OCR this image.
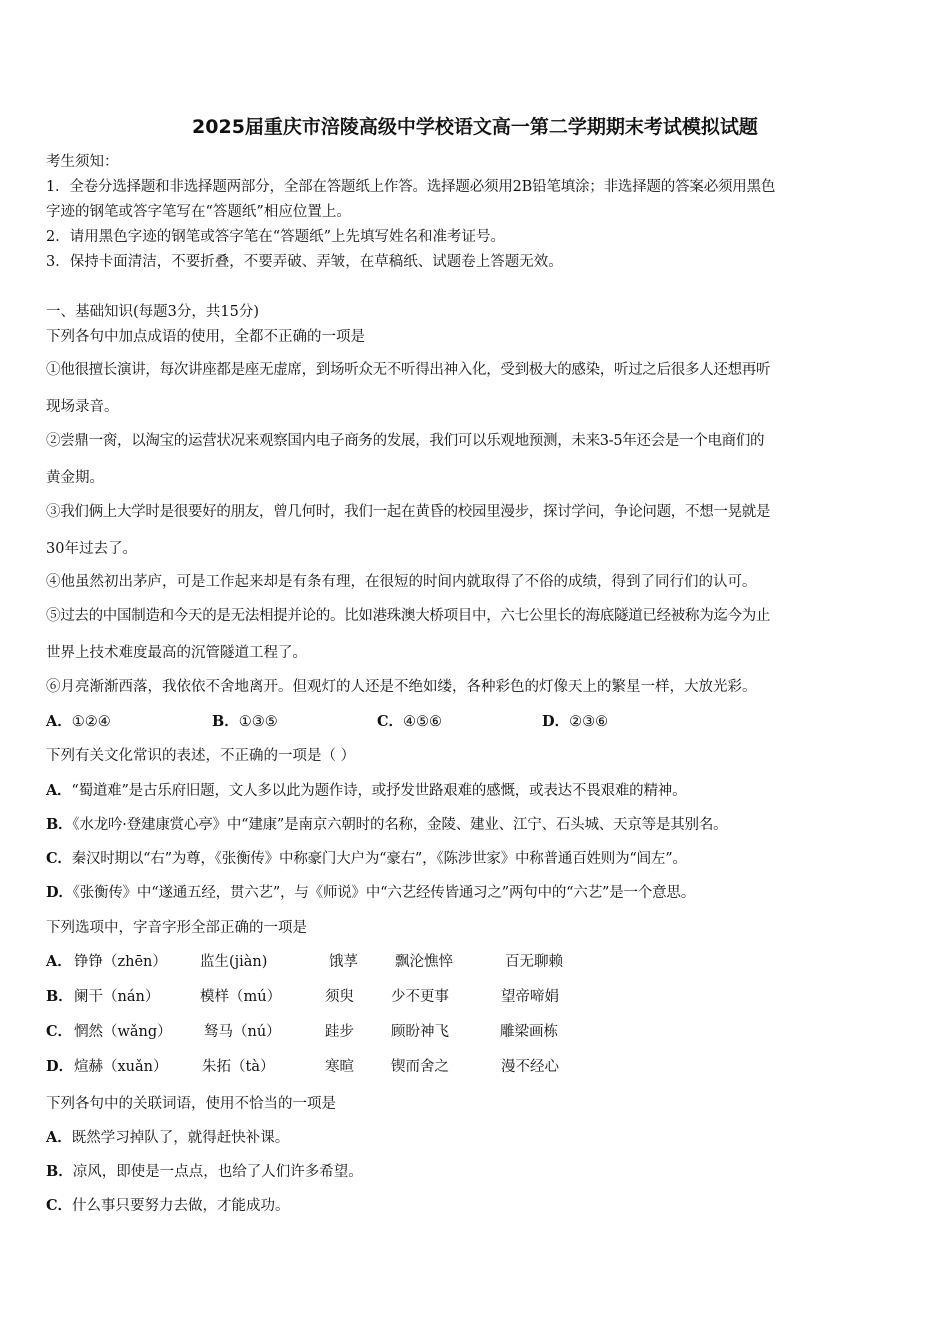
2025届重庆市涪陵高级中学校语文高一第二学期期末考试模拟试题
考生须知：
1．全卷分选择题和非选择题两部分，全部在答题纸上作答。选择题必须用2B铅笔填涂；非选择题的答案必须用黑色
字迹的钢笔或答字笔写在“答题纸”相应位置上。
2．请用黑色字迹的钢笔或答字笔在“答题纸”上先填写姓名和准考证号。
3．保持卡面清洁，不要折叠，不要弄破、弄皱，在草稿纸、试题卷上答题无效。
一、基础知识(每题3分，共15分)
下列各句中加点成语的使用，全都不正确的一项是
①他很擅长演讲，每次讲座都是座无虚席，到场听众无不听得出神入化，受到极大的感染，听过之后很多人还想再听
现场录音。
②尝鼎一脔，以淘宝的运营状况来观察国内电子商务的发展，我们可以乐观地预测，未来3-5年还会是一个电商们的
黄金期。
③我们俩上大学时是很要好的朋友，曾几何时，我们一起在黄昏的校园里漫步，探讨学问，争论问题，不想一晃就是
30年过去了。
④他虽然初出茅庐，可是工作起来却是有条有理，在很短的时间内就取得了不俗的成绩，得到了同行们的认可。
⑤过去的中国制造和今天的是无法相提并论的。比如港珠澳大桥项目中，六七公里长的海底隧道已经被称为迄今为止
世界上技术难度最高的沉管隧道工程了。
⑥月亮渐渐西落，我依依不舍地离开。但观灯的人还是不绝如缕，各种彩色的灯像天上的繁星一样，大放光彩。
A．①②④	B．①③⑤	C．④⑤⑥	D．②③⑥
下列有关文化常识的表述，不正确的一项是（ ）
A．“蜀道难”是古乐府旧题，文人多以此为题作诗，或抒发世路艰难的感慨，或表达不畏艰难的精神。
B．《水龙吟·登建康赏心亭》中“建康”是南京六朝时的名称，金陵、建业、江宁、石头城、天京等是其别名。
C．秦汉时期以“右”为尊，《张衡传》中称豪门大户为“豪右”，《陈涉世家》中称普通百姓则为“闾左”。
D．《张衡传》中“遂通五经，贯六艺”，与《师说》中“六艺经传皆通习之”两句中的“六艺”是一个意思。
下列选项中，字音字形全部正确的一项是
A． 铮铮（zhēn） 监生(jiàn)	饿莩	飘沦憔悴	百无聊赖
B． 阑干（nán）	模样（mú）	须臾	少不更事	望帝啼娟
C． 惘然（wǎng） 驽马（nú）	跬步	顾盼神飞	雕梁画栋
D． 煊赫（xuǎn） 朱拓（tà）	寒暄	锲而舍之	漫不经心
下列各句中的关联词语，使用不恰当的一项是
A．既然学习掉队了，就得赶快补课。
B．凉风，即使是一点点，也给了人们许多希望。
C．什么事只要努力去做，才能成功。
